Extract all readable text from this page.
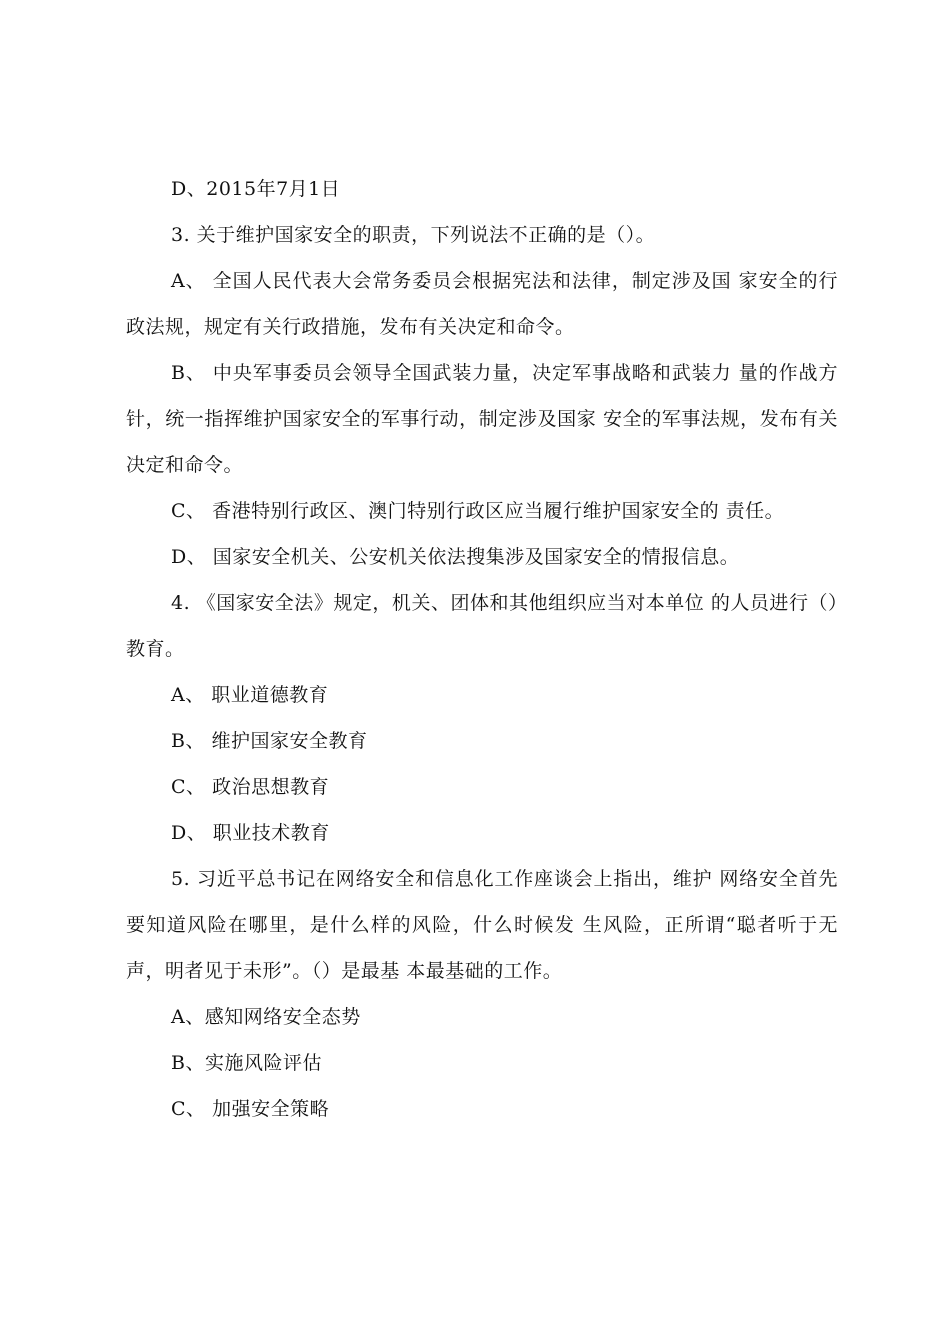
D、2015年7月1日

3. 关于维护国家安全的职责，下列说法不正确的是（）。

A、 全国人民代表大会常务委员会根据宪法和法律，制定涉及国 家安全的行政法规，规定有关行政措施，发布有关决定和命令。

B、 中央军事委员会领导全国武装力量，决定军事战略和武装力 量的作战方针，统一指挥维护国家安全的军事行动，制定涉及国家 安全的军事法规，发布有关决定和命令。

C、 香港特别行政区、澳门特别行政区应当履行维护国家安全的 责任。

D、 国家安全机关、公安机关依法搜集涉及国家安全的情报信息。

4. 《国家安全法》规定，机关、团体和其他组织应当对本单位 的人员进行（）教育。

A、 职业道德教育

B、 维护国家安全教育

C、 政治思想教育

D、 职业技术教育

5. 习近平总书记在网络安全和信息化工作座谈会上指出，维护 网络安全首先要知道风险在哪里，是什么样的风险，什么时候发 生风险，正所谓“聪者听于无声，明者见于未形”。（）是最基 本最基础的工作。

A、感知网络安全态势

B、实施风险评估

C、 加强安全策略
